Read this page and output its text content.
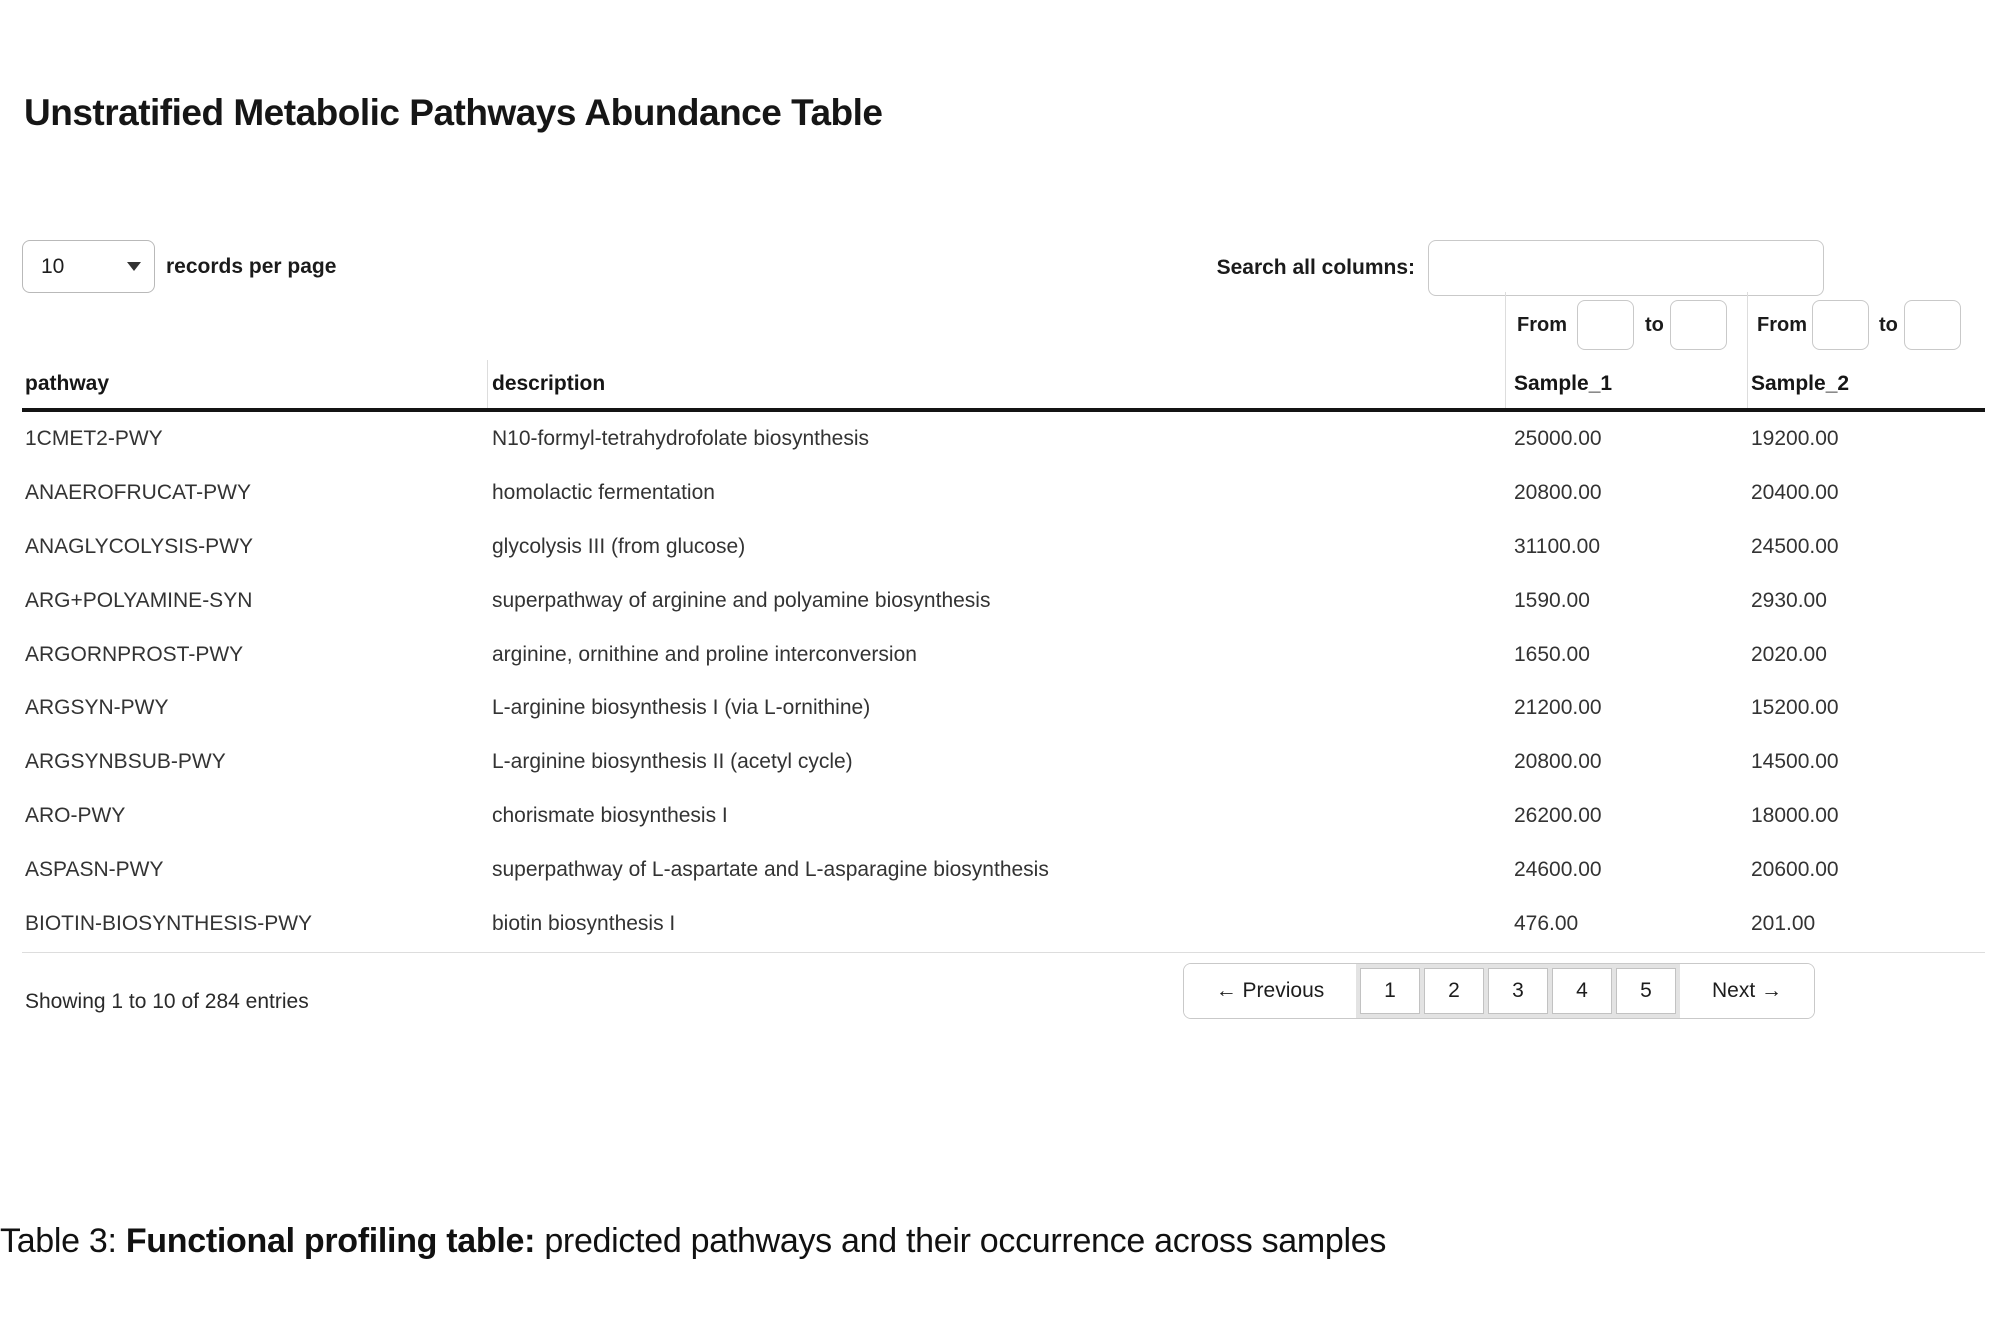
Unstratified Metabolic Pathways Abundance Table
10	records per page	Search all columns:
From	to	From	to
pathway	description	Sample_1	Sample_2
1CMET2-PWY	N10-formyl-tetrahydrofolate biosynthesis	25000.00	19200.00
ANAEROFRUCAT-PWY	homolactic fermentation	20800.00	20400.00
ANAGLYCOLYSIS-PWY	glycolysis III (from glucose)	31100.00	24500.00
ARG+POLYAMINE-SYN	superpathway of arginine and polyamine biosynthesis	1590.00	2930.00
ARGORNPROST-PWY	arginine, ornithine and proline interconversion	1650.00	2020.00
ARGSYN-PWY	L-arginine biosynthesis I (via L-ornithine)	21200.00	15200.00
ARGSYNBSUB-PWY	L-arginine biosynthesis II (acetyl cycle)	20800.00	14500.00
ARO-PWY	chorismate biosynthesis I	26200.00	18000.00
ASPASN-PWY	superpathway of L-aspartate and L-asparagine biosynthesis	24600.00	20600.00
BIOTIN-BIOSYNTHESIS-PWY	biotin biosynthesis I	476.00	201.00
Showing 1 to 10 of 284 entries	← Previous	1	2	3	4	5	Next →
Table 3: Functional profiling table: predicted pathways and their occurrence across samples
